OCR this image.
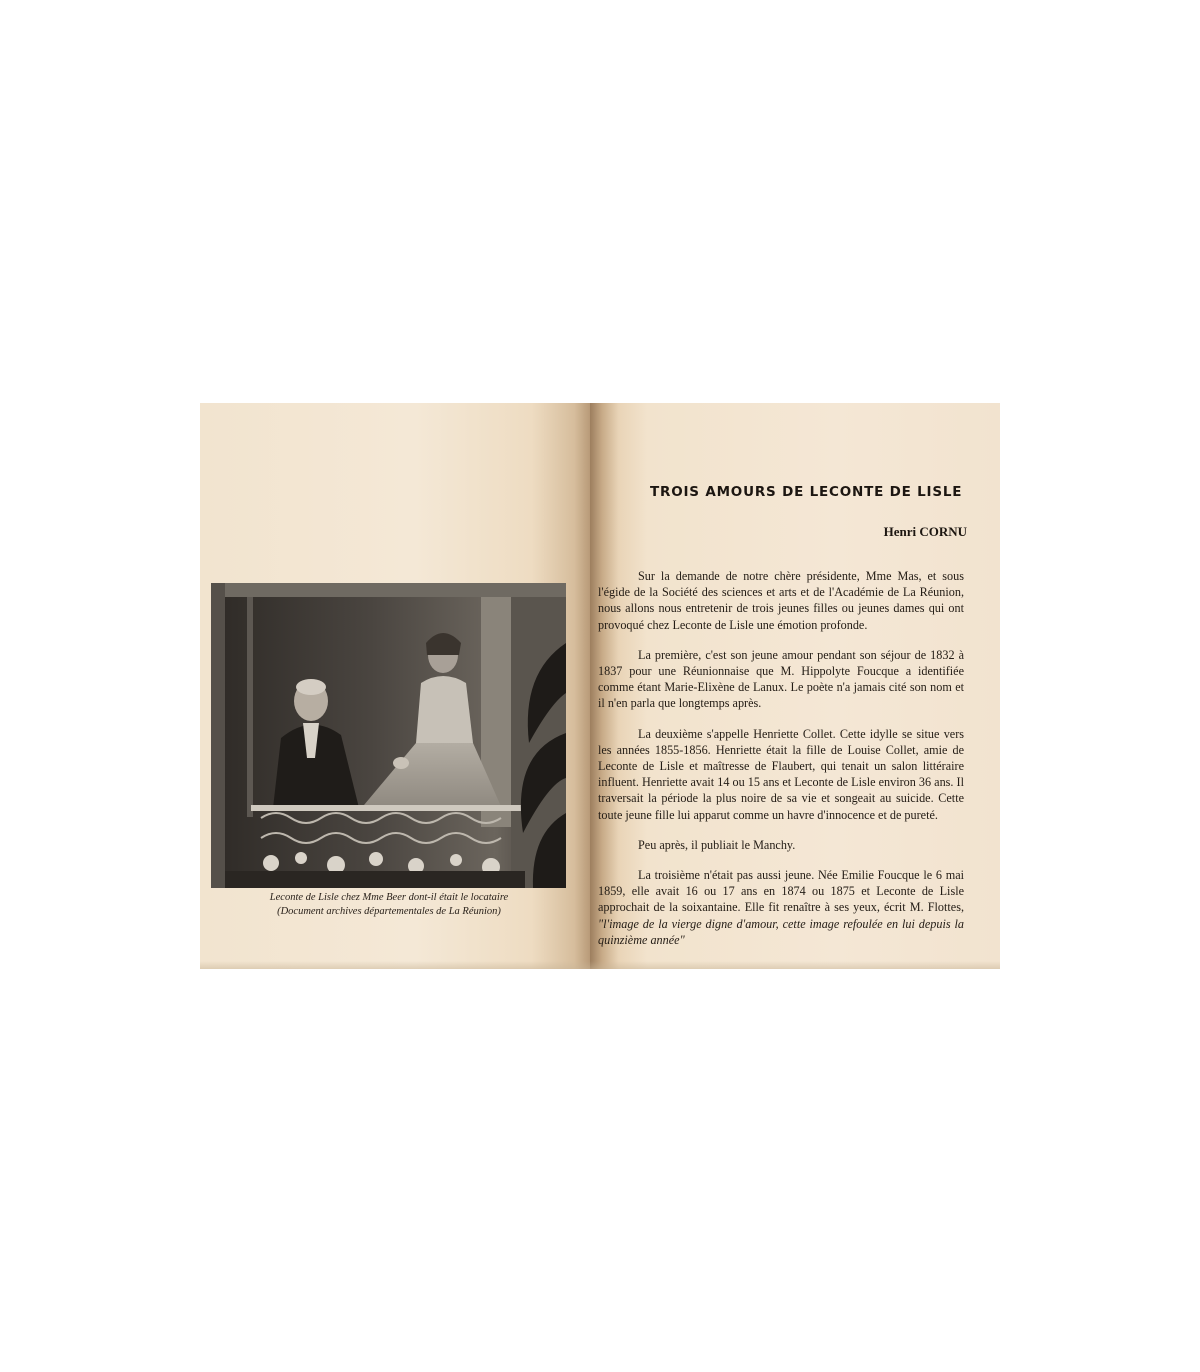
Leconte de Lisle chez Mme Beer dont-il était le locataire
(Document archives départementales de La Réunion)
TROIS AMOURS DE LECONTE DE LISLE
Henri CORNU

Sur la demande de notre chère présidente, Mme Mas, et sous l'égide de la Société des sciences et arts et de l'Académie de La Réunion, nous allons nous entretenir de trois jeunes filles ou jeunes dames qui ont provoqué chez Leconte de Lisle une émotion profonde.

La première, c'est son jeune amour pendant son séjour de 1832 à 1837 pour une Réunionnaise que M. Hippolyte Foucque a identifiée comme étant Marie-Elixène de Lanux. Le poète n'a jamais cité son nom et il n'en parla que longtemps après.

La deuxième s'appelle Henriette Collet. Cette idylle se situe vers les années 1855-1856. Henriette était la fille de Louise Collet, amie de Leconte de Lisle et maîtresse de Flaubert, qui tenait un salon littéraire influent. Henriette avait 14 ou 15 ans et Leconte de Lisle environ 36 ans. Il traversait la période la plus noire de sa vie et songeait au suicide. Cette toute jeune fille lui apparut comme un havre d'innocence et de pureté.

Peu après, il publiait le Manchy.

La troisième n'était pas aussi jeune. Née Emilie Foucque le 6 mai 1859, elle avait 16 ou 17 ans en 1874 ou 1875 et Leconte de Lisle approchait de la soixantaine. Elle fit renaître à ses yeux, écrit M. Flottes, "l'image de la vierge digne d'amour, cette image refoulée en lui depuis la quinzième année"
